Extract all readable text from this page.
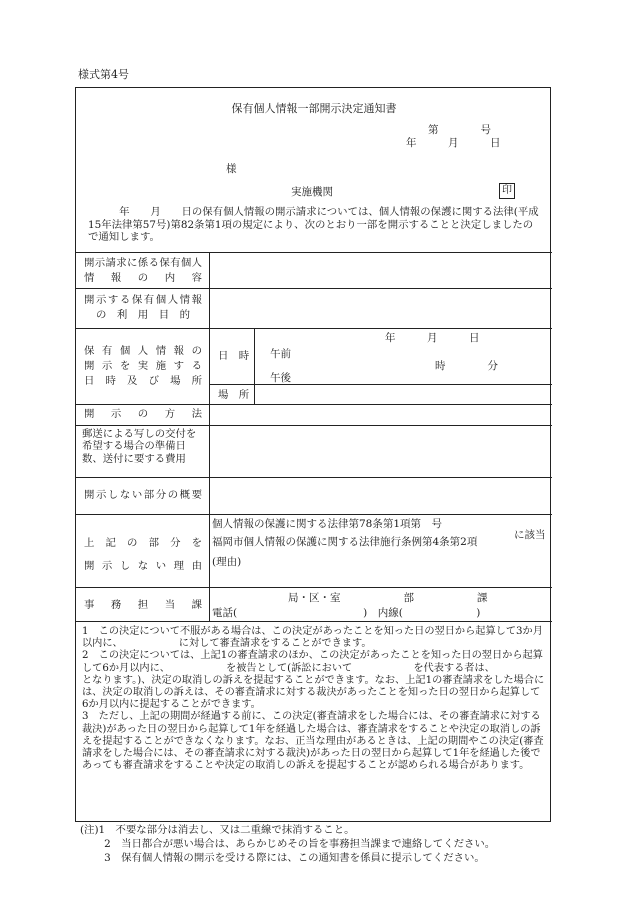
様式第4号
保有個人情報一部開示決定通知書
第　　　　号
年　　　月　　　日
様
実施機関	印
　　　年　　月　　日の保有個人情報の開示請求については、個人情報の保護に関する法律(平成15年法律第57号)第82条第1項の規定により、次のとおり一部を開示することと決定しましたので通知します。
開示請求に係る保有個人情報の内容
開示する保有個人情報
の 利 用 目 的
保有個人情報の
開示を実施する
日時及び場所
日　時
年　　　月　　　日
午前
午後
時　　　　分
場　所
開示の方法
郵送による写しの交付を希望する場合の準備日数、送付に要する費用
開示しない部分の概要
上記の部分を
開示しない理由
個人情報の保護に関する法律第78条第1項第　号
福岡市個人情報の保護に関する法律施行条例第4条第2項
に該当
(理由)
事務担当課
局・区・室　　　　　　部　　　　　　課
電話(　　　　　　　　　　　　)　内線(　　　　　　　)

1　この決定について不服がある場合は、この決定があったことを知った日の翌日から起算して3か月以内に、　　　　　　に対して審査請求をすることができます。

2　この決定については、上記1の審査請求のほか、この決定があったことを知った日の翌日から起算して6か月以内に、　　　　　　を被告として(訴訟において　　　　　　を代表する者は、　　　　　　となります。)、決定の取消しの訴えを提起することができます。なお、上記1の審査請求をした場合には、決定の取消しの訴えは、その審査請求に対する裁決があったことを知った日の翌日から起算して6か月以内に提起することができます。

3　ただし、上記の期間が経過する前に、この決定(審査請求をした場合には、その審査請求に対する裁決)があった日の翌日から起算して1年を経過した場合は、審査請求をすることや決定の取消しの訴えを提起することができなくなります。なお、正当な理由があるときは、上記の期間やこの決定(審査請求をした場合には、その審査請求に対する裁決)があった日の翌日から起算して1年を経過した後であっても審査請求をすることや決定の取消しの訴えを提起することが認められる場合があります。

(注)1　不要な部分は消去し、又は二重線で抹消すること。

　　 2　当日都合が悪い場合は、あらかじめその旨を事務担当課まで連絡してください。

　　 3　保有個人情報の開示を受ける際には、この通知書を係員に提示してください。
